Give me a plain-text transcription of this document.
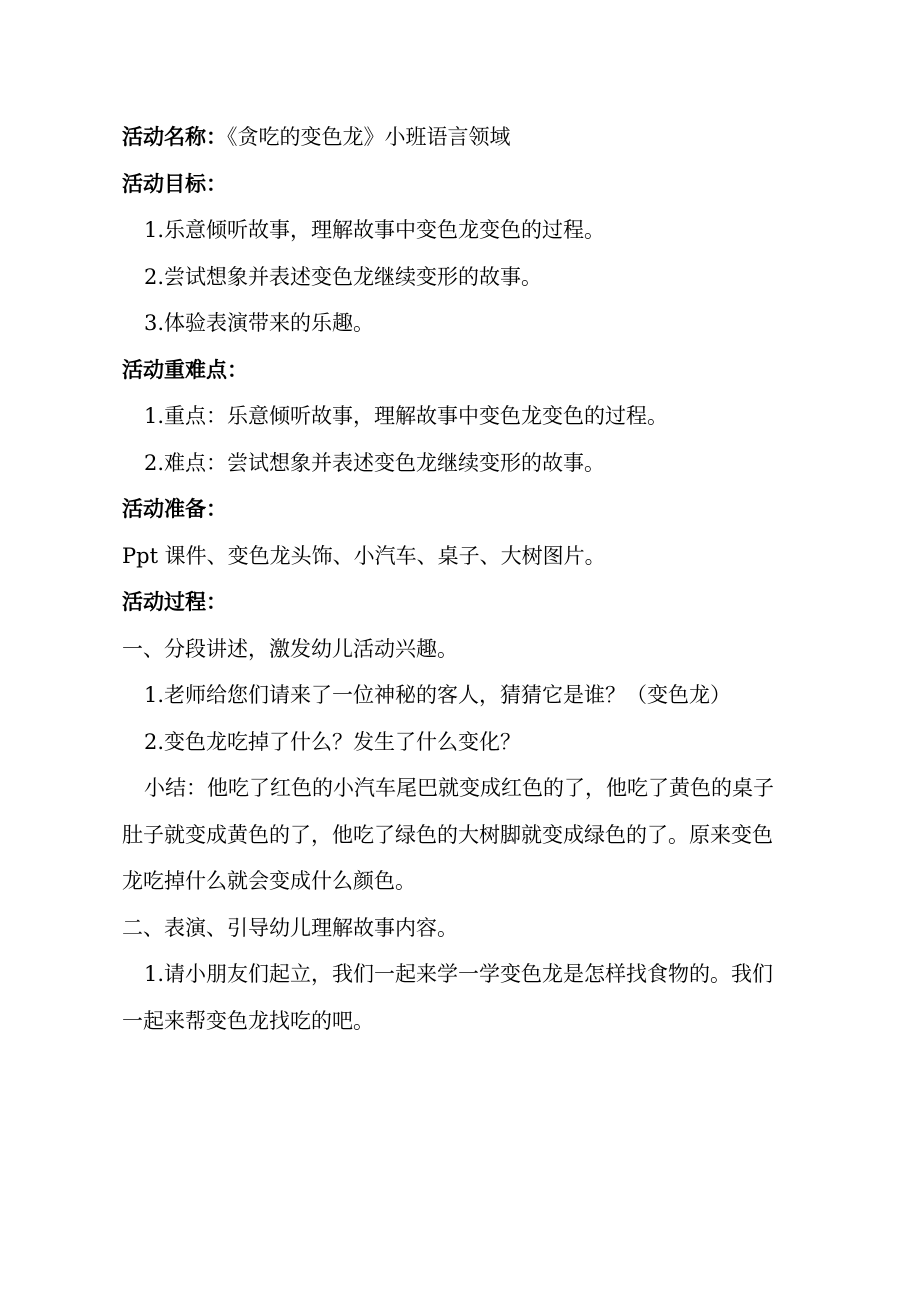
活动名称：《贪吃的变色龙》小班语言领域

活动目标：

1.乐意倾听故事，理解故事中变色龙变色的过程。

2.尝试想象并表述变色龙继续变形的故事。

3.体验表演带来的乐趣。

活动重难点：

1.重点：乐意倾听故事，理解故事中变色龙变色的过程。

2.难点：尝试想象并表述变色龙继续变形的故事。

活动准备：

Ppt 课件、变色龙头饰、小汽车、桌子、大树图片。

活动过程：

一、分段讲述，激发幼儿活动兴趣。

1.老师给您们请来了一位神秘的客人，猜猜它是谁？（变色龙）

2.变色龙吃掉了什么？发生了什么变化？

小结：他吃了红色的小汽车尾巴就变成红色的了，他吃了黄色的桌子

肚子就变成黄色的了，他吃了绿色的大树脚就变成绿色的了。原来变色

龙吃掉什么就会变成什么颜色。

二、表演、引导幼儿理解故事内容。

1.请小朋友们起立，我们一起来学一学变色龙是怎样找食物的。我们

一起来帮变色龙找吃的吧。
